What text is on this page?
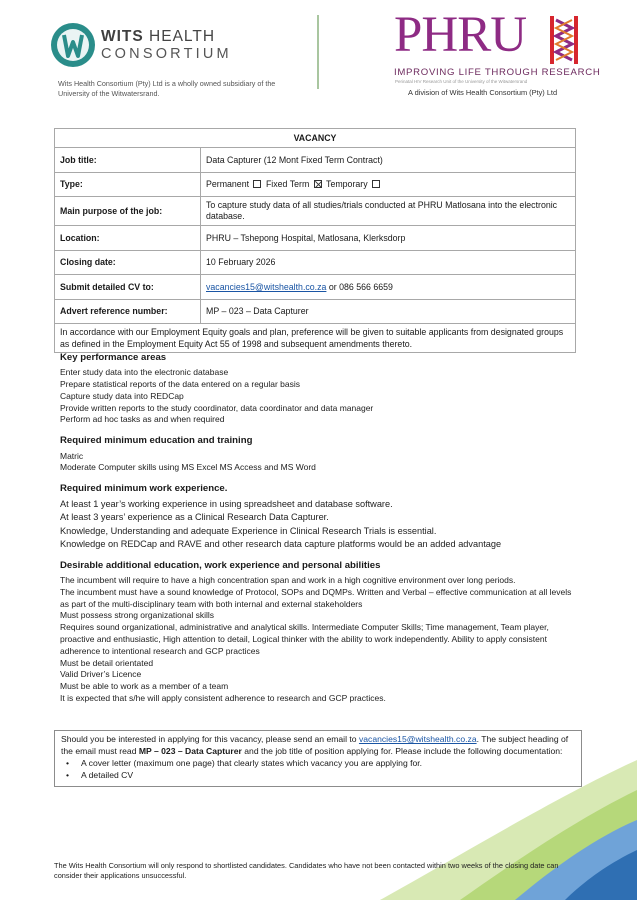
WITS HEALTH
CONSORTIUM
Wits Health Consortium (Pty) Ltd is a wholly owned subsidiary of the University of the Witwatersrand.
PHRU
IMPROVING LIFE THROUGH RESEARCH
Perinatal HIV Research Unit of the University of the Witwatersrand
A division of Wits Health Consortium (Pty) Ltd
VACANCY	
Job title:	Data Capturer (12 Mont Fixed Term Contract)
Type:	Permanent Fixed Term Temporary
Main purpose of the job:	To capture study data of all studies/trials conducted at PHRU Matlosana into the electronic database.
Location:	PHRU – Tshepong Hospital, Matlosana, Klerksdorp
Closing date:	10 February 2026
Submit detailed CV to:	vacancies15@witshealth.co.za or 086 566 6659
Advert reference number:	MP – 023 – Data Capturer
In accordance with our Employment Equity goals and plan, preference will be given to suitable applicants from designated groups as defined in the Employment Equity Act 55 of 1998 and subsequent amendments thereto.	
Key performance areas

Enter study data into the electronic database

Prepare statistical reports of the data entered on a regular basis

Capture study data into REDCap

Provide written reports to the study coordinator, data coordinator and data manager

Perform ad hoc tasks as and when required

Required minimum education and training

Matric

Moderate Computer skills using MS Excel MS Access and MS Word

Required minimum work experience.

At least 1 year’s working experience in using spreadsheet and database software.

At least 3 years’ experience as a Clinical Research Data Capturer.

Knowledge, Understanding and adequate Experience in Clinical Research Trials is essential.

Knowledge on REDCap and RAVE and other research data capture platforms would be an added advantage

Desirable additional education, work experience and personal abilities

The incumbent will require to have a high concentration span and work in a high cognitive environment over long periods.

The incumbent must have a sound knowledge of Protocol, SOPs and DQMPs. Written and Verbal – effective communication at all levels as part of the multi-disciplinary team with both internal and external stakeholders

Must possess strong organizational skills

Requires sound organizational, administrative and analytical skills. Intermediate Computer Skills; Time management, Team player, proactive and enthusiastic, High attention to detail, Logical thinker with the ability to work independently. Ability to apply consistent adherence to intentional research and GCP practices

Must be detail orientated

Valid Driver’s Licence

Must be able to work as a member of a team

It is expected that s/he will apply consistent adherence to research and GCP practices.

Should you be interested in applying for this vacancy, please send an email to vacancies15@witshealth.co.za. The subject heading of the email must read MP – 023 – Data Capturer and the job title of position applying for. Please include the following documentation:

• A cover letter (maximum one page) that clearly states which vacancy you are applying for.
• A detailed CV
The Wits Health Consortium will only respond to shortlisted candidates. Candidates who have not been contacted within two weeks of the closing date can consider their applications unsuccessful.
